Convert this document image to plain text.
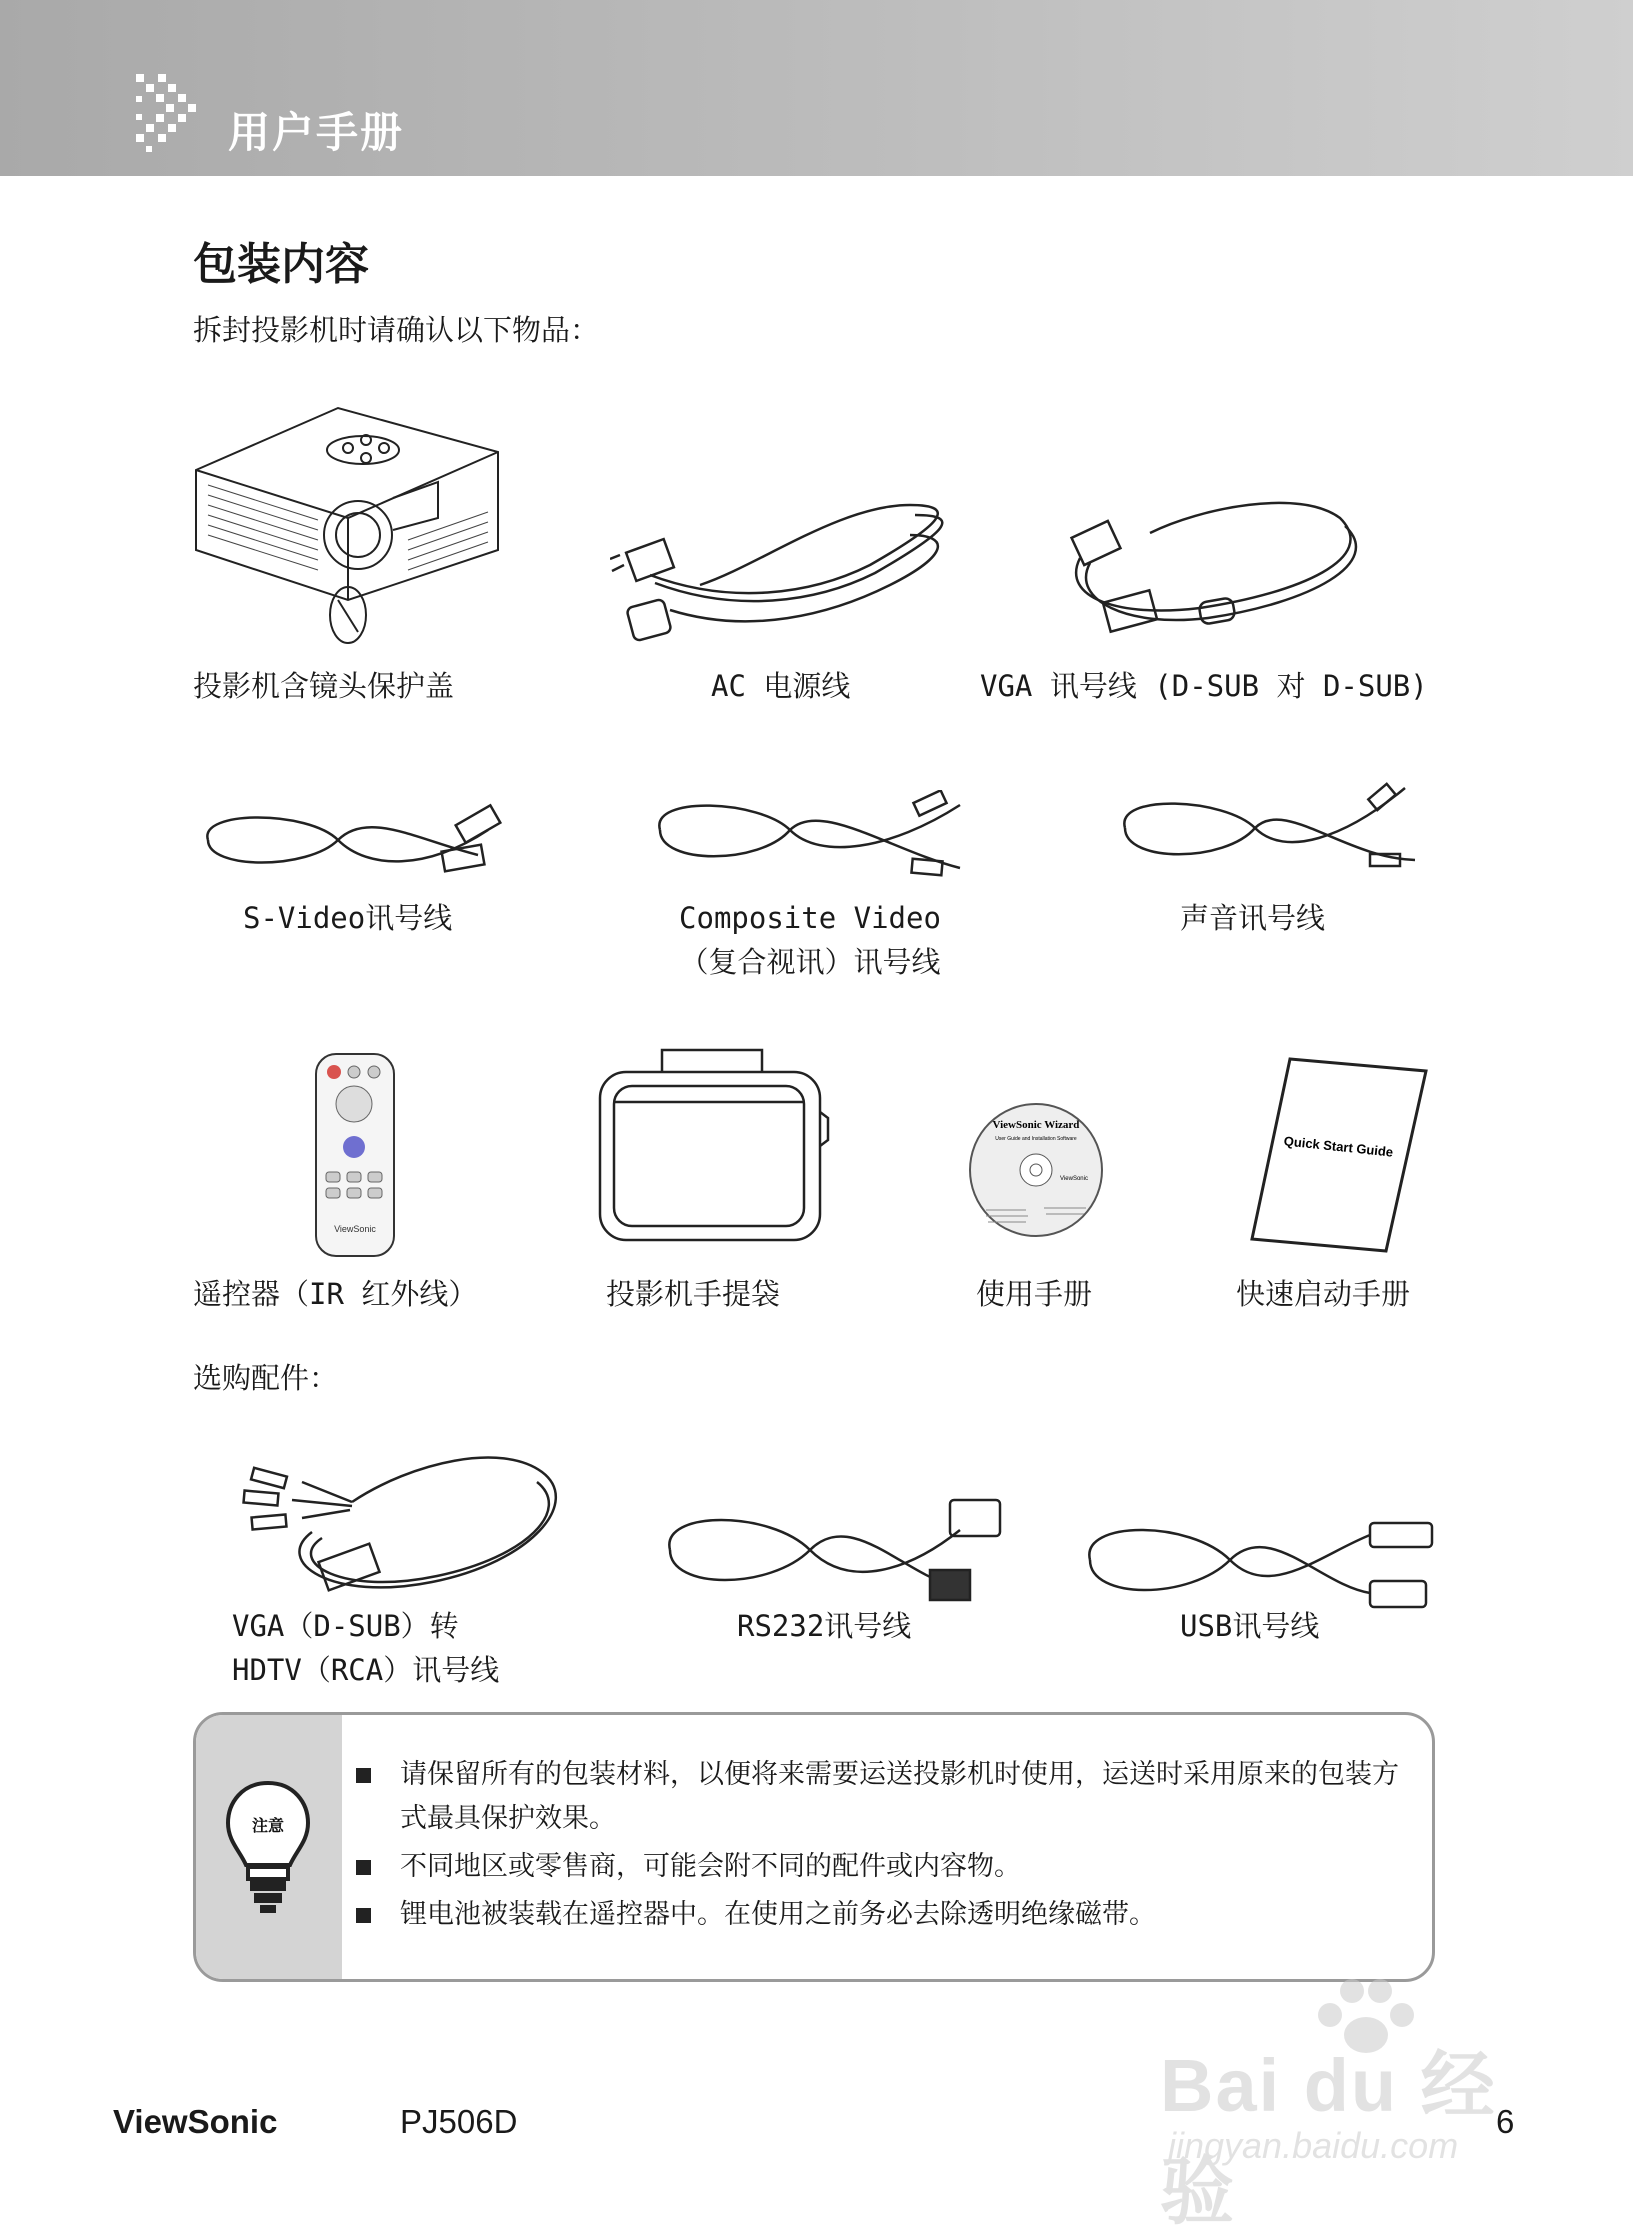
用户手册
包装内容
拆封投影机时请确认以下物品：
投影机含镜头保护盖	AC 电源线	VGA 讯号线 (D-SUB 对 D-SUB)
S-Video讯号线	Composite Video
（复合视讯）讯号线
声音讯号线
ViewSonic
ViewSonic Wizard
User Guide and Installation Software
ViewSonic
Quick Start Guide
遥控器（IR 红外线）	投影机手提袋	使用手册	快速启动手册
选购配件：
VGA（D-SUB）转
HDTV（RCA）讯号线
RS232讯号线	USB讯号线
注意
请保留所有的包装材料，以便将来需要运送投影机时使用，运送时采用原来的包装方式最具保护效果。
不同地区或零售商，可能会附不同的配件或内容物。
锂电池被装载在遥控器中。在使用之前务必去除透明绝缘磁带。
Bai du 经验
jingyan.baidu.com
ViewSonic	PJ506D	6
